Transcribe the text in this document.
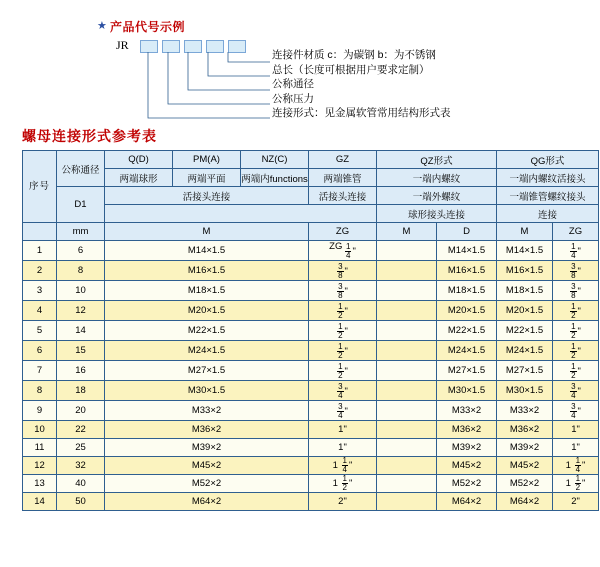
★ 产品代号示例
JR
连接件材质 c：为碳钢 b：为不锈钢
总长（长度可根据用户要求定制）
公称通径
公称压力
连接形式：见金属软管常用结构形式表
螺母连接形式参考表
序号	公称通径	Q(D)	PM(A)	NZ(C)	GZ	QZ形式		QG形式	
		两端球形	两端平面	两端内functions	两端锥管	一端内螺纹		一端内螺纹活接头	
	D1	活接头连接			活接头连接	一端外螺纹		一端锥管螺纹接头	
						球形接头连接		连接	
	mm	M			ZG	M	D	M	ZG
1	6	M14×1.5			ZG $\frac{1}{4}$ "		M14×1.5	M14×1.5	$\frac{1}{4}$ "
2	8	M16×1.5			$\frac{3}{8}$ "		M16×1.5	M16×1.5	$\frac{3}{8}$ "
3	10	M18×1.5			$\frac{3}{8}$ "		M18×1.5	M18×1.5	$\frac{3}{8}$ "
4	12	M20×1.5			$\frac{1}{2}$ "		M20×1.5	M20×1.5	$\frac{1}{2}$ "
5	14	M22×1.5			$\frac{1}{2}$ "		M22×1.5	M22×1.5	$\frac{1}{2}$ "
6	15	M24×1.5			$\frac{1}{2}$ "		M24×1.5	M24×1.5	$\frac{1}{2}$ "
7	16	M27×1.5			$\frac{1}{2}$ "		M27×1.5	M27×1.5	$\frac{1}{2}$ "
8	18	M30×1.5			$\frac{3}{4}$ "		M30×1.5	M30×1.5	$\frac{3}{4}$ "
9	20	M33×2			$\frac{3}{4}$ "		M33×2	M33×2	$\frac{3}{4}$ "
10	22	M36×2			1"		M36×2	M36×2	1"
11	25	M39×2			1"		M39×2	M39×2	1"
12	32	M45×2			$1 \frac{1}{4}$ "		M45×2	M45×2	$1 \frac{1}{4}$ "
13	40	M52×2			$1 \frac{1}{2}$ "		M52×2	M52×2	$1 \frac{1}{2}$ "
14	50	M64×2			2"		M64×2	M64×2	2"
